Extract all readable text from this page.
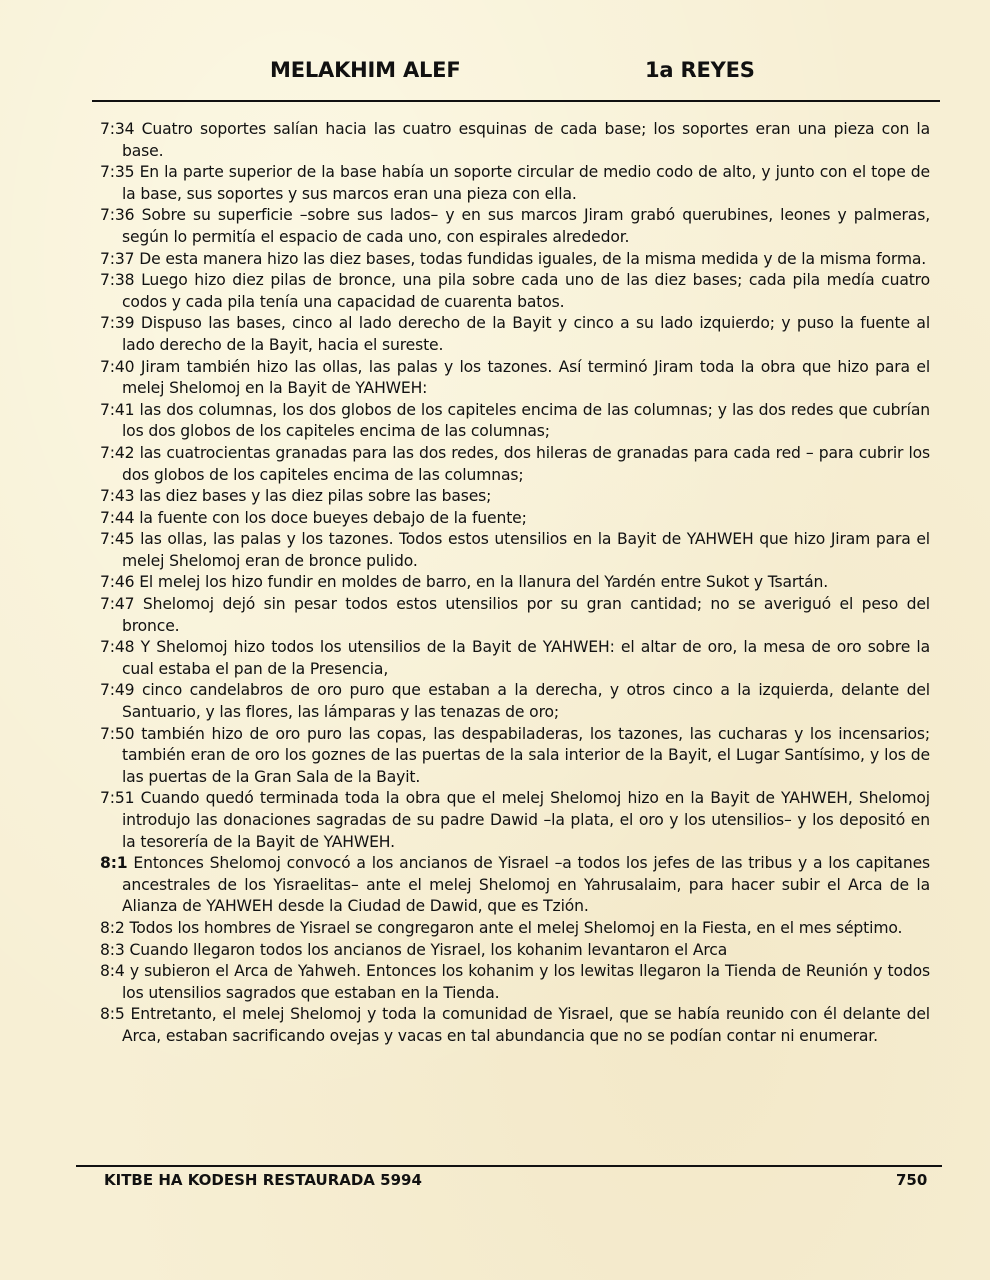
MELAKHIM ALEF	1a REYES

7:34 Cuatro soportes salían hacia las cuatro esquinas de cada base; los soportes eran una pieza con la base.

7:35 En la parte superior de la base había un soporte circular de medio codo de alto, y junto con el tope de la base, sus soportes y sus marcos eran una pieza con ella.

7:36 Sobre su superficie –sobre sus lados– y en sus marcos Jiram grabó querubines, leones y palmeras, según lo permitía el espacio de cada uno, con espirales alrededor.

7:37 De esta manera hizo las diez bases, todas fundidas iguales, de la misma medida y de la misma forma.

7:38 Luego hizo diez pilas de bronce, una pila sobre cada uno de las diez bases; cada pila medía cuatro codos y cada pila tenía una capacidad de cuarenta batos.

7:39 Dispuso las bases, cinco al lado derecho de la Bayit y cinco a su lado izquierdo; y puso la fuente al lado derecho de la Bayit, hacia el sureste.

7:40 Jiram también hizo las ollas, las palas y los tazones. Así terminó Jiram toda la obra que hizo para el melej Shelomoj en la Bayit de YAHWEH:

7:41 las dos columnas, los dos globos de los capiteles encima de las columnas; y las dos redes que cubrían los dos globos de los capiteles encima de las columnas;

7:42 las cuatrocientas granadas para las dos redes, dos hileras de granadas para cada red – para cubrir los dos globos de los capiteles encima de las columnas;

7:43 las diez bases y las diez pilas sobre las bases;

7:44 la fuente con los doce bueyes debajo de la fuente;

7:45 las ollas, las palas y los tazones. Todos estos utensilios en la Bayit de YAHWEH que hizo Jiram para el melej Shelomoj eran de bronce pulido.

7:46 El melej los hizo fundir en moldes de barro, en la llanura del Yardén entre Sukot y Tsartán.

7:47 Shelomoj dejó sin pesar todos estos utensilios por su gran cantidad; no se averiguó el peso del bronce.

7:48 Y Shelomoj hizo todos los utensilios de la Bayit de YAHWEH: el altar de oro, la mesa de oro sobre la cual estaba el pan de la Presencia,

7:49 cinco candelabros de oro puro que estaban a la derecha, y otros cinco a la izquierda, delante del Santuario, y las flores, las lámparas y las tenazas de oro;

7:50 también hizo de oro puro las copas, las despabiladeras, los tazones, las cucharas y los incensarios; también eran de oro los goznes de las puertas de la sala interior de la Bayit, el Lugar Santísimo, y los de las puertas de la Gran Sala de la Bayit.

7:51 Cuando quedó terminada toda la obra que el melej Shelomoj hizo en la Bayit de YAHWEH, Shelomoj introdujo las donaciones sagradas de su padre Dawid –la plata, el oro y los utensilios– y los depositó en la tesorería de la Bayit de YAHWEH.

8:1 Entonces Shelomoj convocó a los ancianos de Yisrael –a todos los jefes de las tribus y a los capitanes ancestrales de los Yisraelitas– ante el melej Shelomoj en Yahrusalaim, para hacer subir el Arca de la Alianza de YAHWEH desde la Ciudad de Dawid, que es Tzión.

8:2 Todos los hombres de Yisrael se congregaron ante el melej Shelomoj en la Fiesta, en el mes séptimo.

8:3 Cuando llegaron todos los ancianos de Yisrael, los kohanim levantaron el Arca

8:4 y subieron el Arca de Yahweh. Entonces los kohanim y los lewitas llegaron la Tienda de Reunión y todos los utensilios sagrados que estaban en la Tienda.

8:5 Entretanto, el melej Shelomoj y toda la comunidad de Yisrael, que se había reunido con él delante del Arca, estaban sacrificando ovejas y vacas en tal abundancia que no se podían contar ni enumerar.

KITBE HA KODESH RESTAURADA 5994	750
